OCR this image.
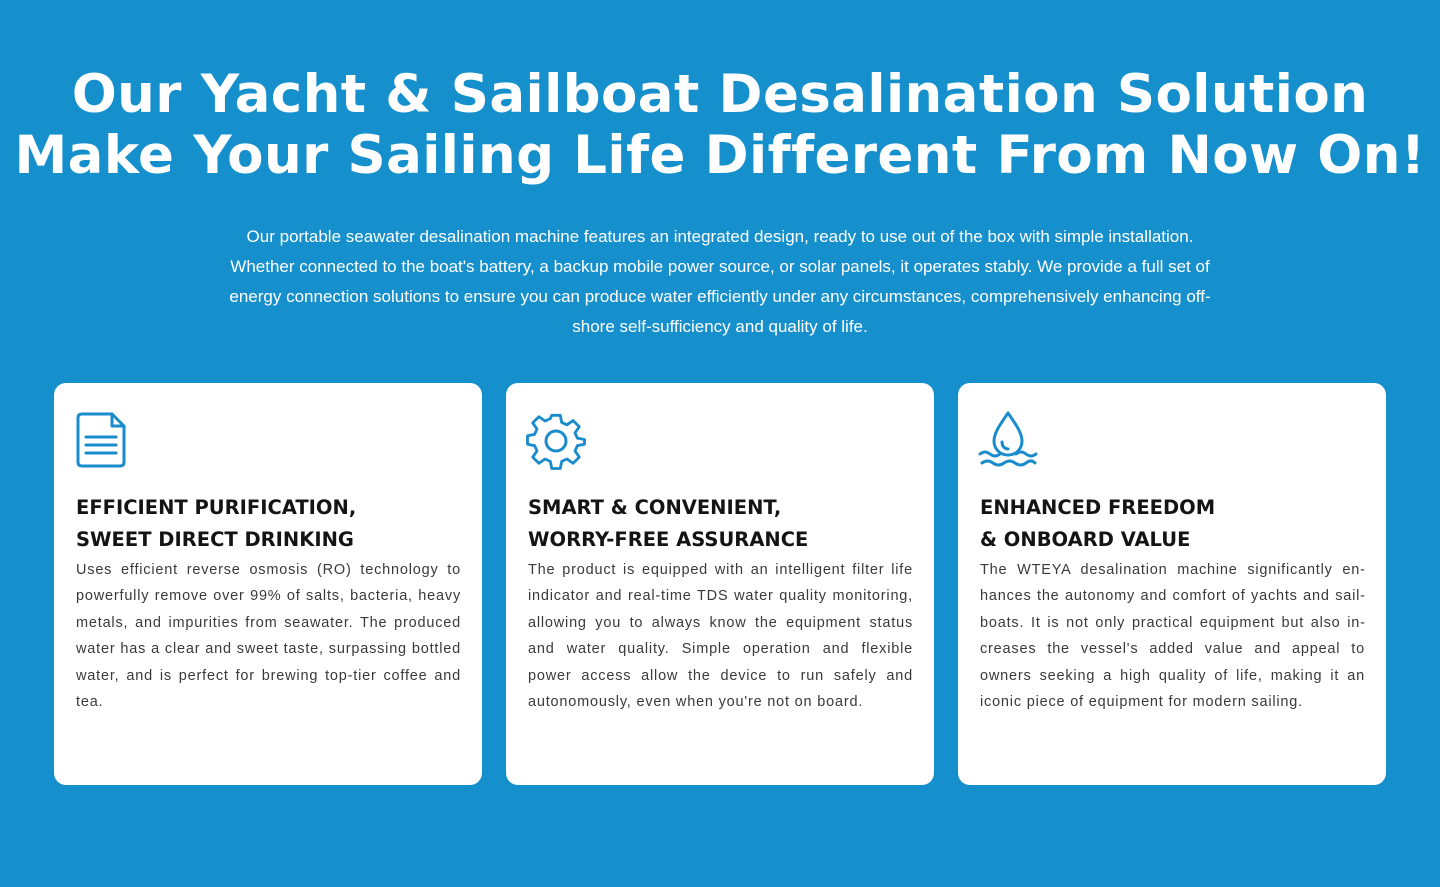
Our Yacht & Sailboat Desalination Solution
Make Your Sailing Life Different From Now On!

Our portable seawater desalination machine features an integrated design, ready to use out of the box with simple installation.
Whether connected to the boat's battery, a backup mobile power source, or solar panels, it operates stably. We provide a full set of
energy connection solutions to ensure you can produce water efficiently under any circumstances, comprehensively enhancing off-
shore self-sufficiency and quality of life.

EFFICIENT PURIFICATION,
SWEET DIRECT DRINKING

Uses efficient reverse osmosis (RO) technology to powerfully remove over 99% of salts, bacteria, heavy metals, and impurities from seawater. The produced water has a clear and sweet taste, surpassing bottled water, and is perfect for brewing top-tier coffee and tea.

SMART & CONVENIENT,
WORRY-FREE ASSURANCE

The product is equipped with an intelligent filter life indicator and real-time TDS water quality monitoring, allowing you to always know the equipment status and water quality. Simple operation and flexible power access allow the device to run safely and autonomously, even when you're not on board.

ENHANCED FREEDOM
& ONBOARD VALUE

The WTEYA desalination machine significantly enhances the autonomy and comfort of yachts and sailboats. It is not only practical equipment but also increases the vessel's added value and appeal to owners seeking a high quality of life, making it an iconic piece of equipment for modern sailing.
